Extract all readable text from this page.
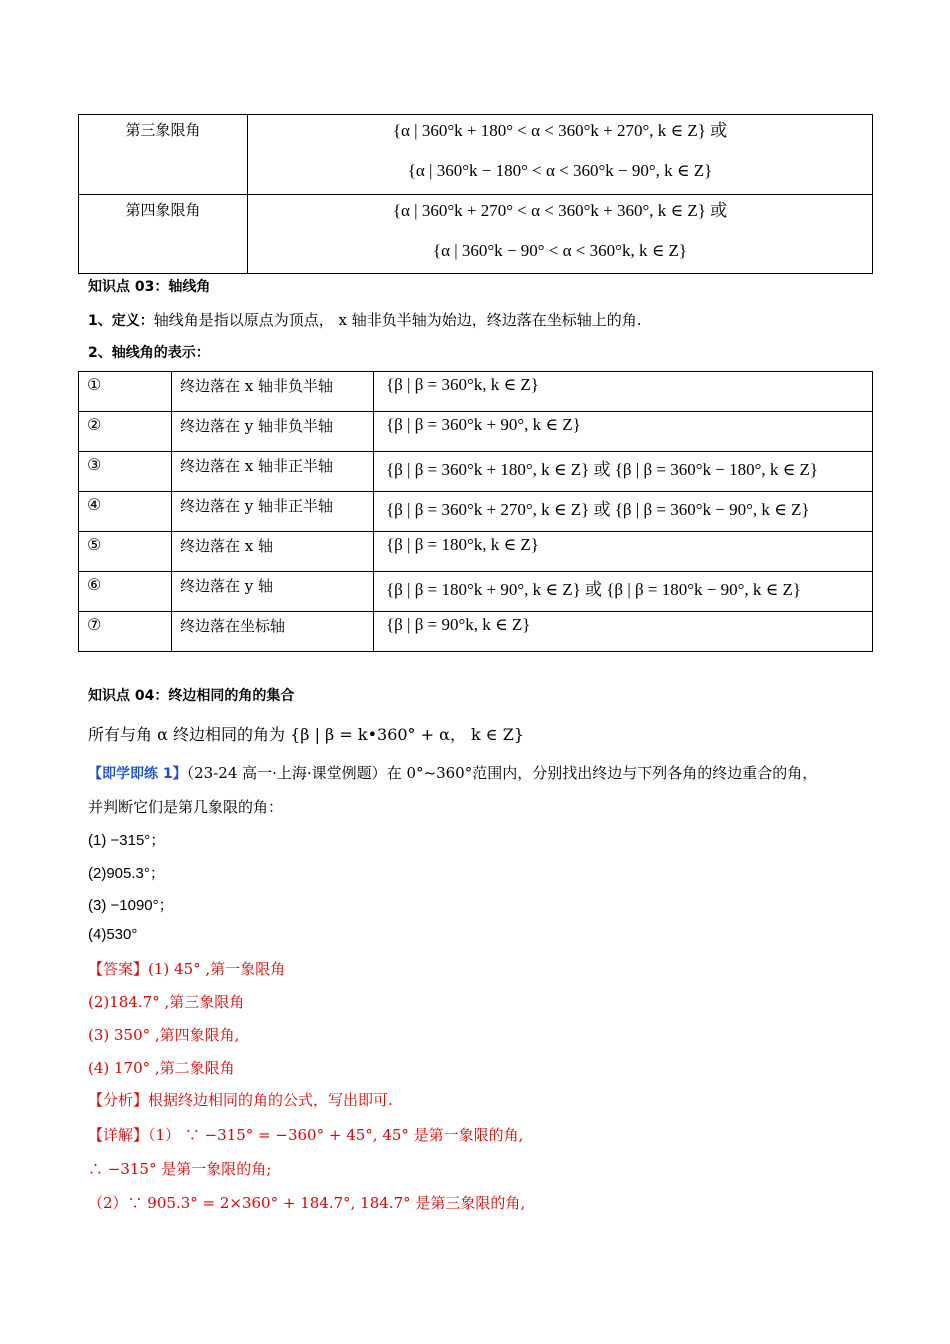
第三象限角	{α | 360°k + 180° < α < 360°k + 270°, k ∈ Z} 或
{α | 360°k − 180° < α < 360°k − 90°, k ∈ Z}

第四象限角	{α | 360°k + 270° < α < 360°k + 360°, k ∈ Z} 或
{α | 360°k − 90° < α < 360°k, k ∈ Z}
知识点 03：轴线角
1、定义：轴线角是指以原点为顶点， x 轴非负半轴为始边，终边落在坐标轴上的角.
2、轴线角的表示：
①	终边落在 x 轴非负半轴	{β | β = 360°k, k ∈ Z}

②	终边落在 y 轴非负半轴	{β | β = 360°k + 90°, k ∈ Z}

③	终边落在 x 轴非正半轴	{β | β = 360°k + 180°, k ∈ Z} 或 {β | β = 360°k − 180°, k ∈ Z}

④	终边落在 y 轴非正半轴	{β | β = 360°k + 270°, k ∈ Z} 或 {β | β = 360°k − 90°, k ∈ Z}

⑤	终边落在 x 轴	{β | β = 180°k, k ∈ Z}

⑥	终边落在 y 轴	{β | β = 180°k + 90°, k ∈ Z} 或 {β | β = 180°k − 90°, k ∈ Z}

⑦	终边落在坐标轴	{β | β = 90°k, k ∈ Z}
知识点 04：终边相同的角的集合
所有与角 α 终边相同的角为 {β | β = k•360° + α， k ∈ Z}
【即学即练 1】（23-24 高一·上海·课堂例题）在 0°~360°范围内，分别找出终边与下列各角的终边重合的角，
并判断它们是第几象限的角：
(1) −315°；
(2)905.3°；
(3) −1090°；
(4)530°
【答案】(1) 45° ,第一象限角
(2)184.7° ,第三象限角
(3) 350° ,第四象限角,
(4) 170° ,第二象限角
【分析】根据终边相同的角的公式，写出即可.
【详解】（1） ∵ −315° = −360° + 45°, 45° 是第一象限的角,
∴ −315° 是第一象限的角;
（2）∵ 905.3° = 2×360° + 184.7°, 184.7° 是第三象限的角,
